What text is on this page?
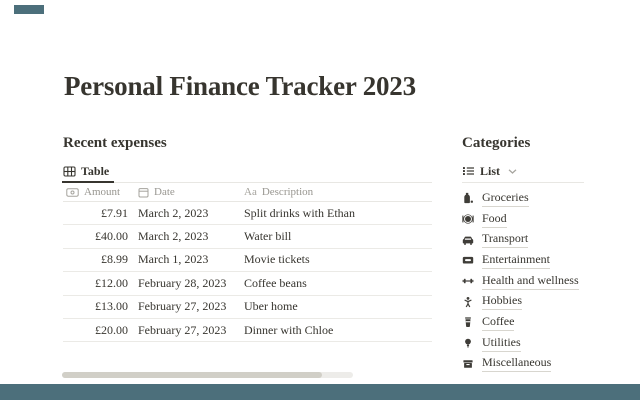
Personal Finance Tracker 2023
Recent expenses
Table
Amount	Date	Aa Description
£7.91 March 2, 2023	Split drinks with Ethan
£40.00 March 2, 2023	Water bill
£8.99 March 1, 2023	Movie tickets
£12.00 February 28, 2023	Coffee beans
£13.00 February 27, 2023	Uber home
£20.00 February 27, 2023	Dinner with Chloe
Categories
List
Groceries
Food
Transport
Entertainment
Health and wellness
Hobbies
Coffee
Utilities
Miscellaneous
